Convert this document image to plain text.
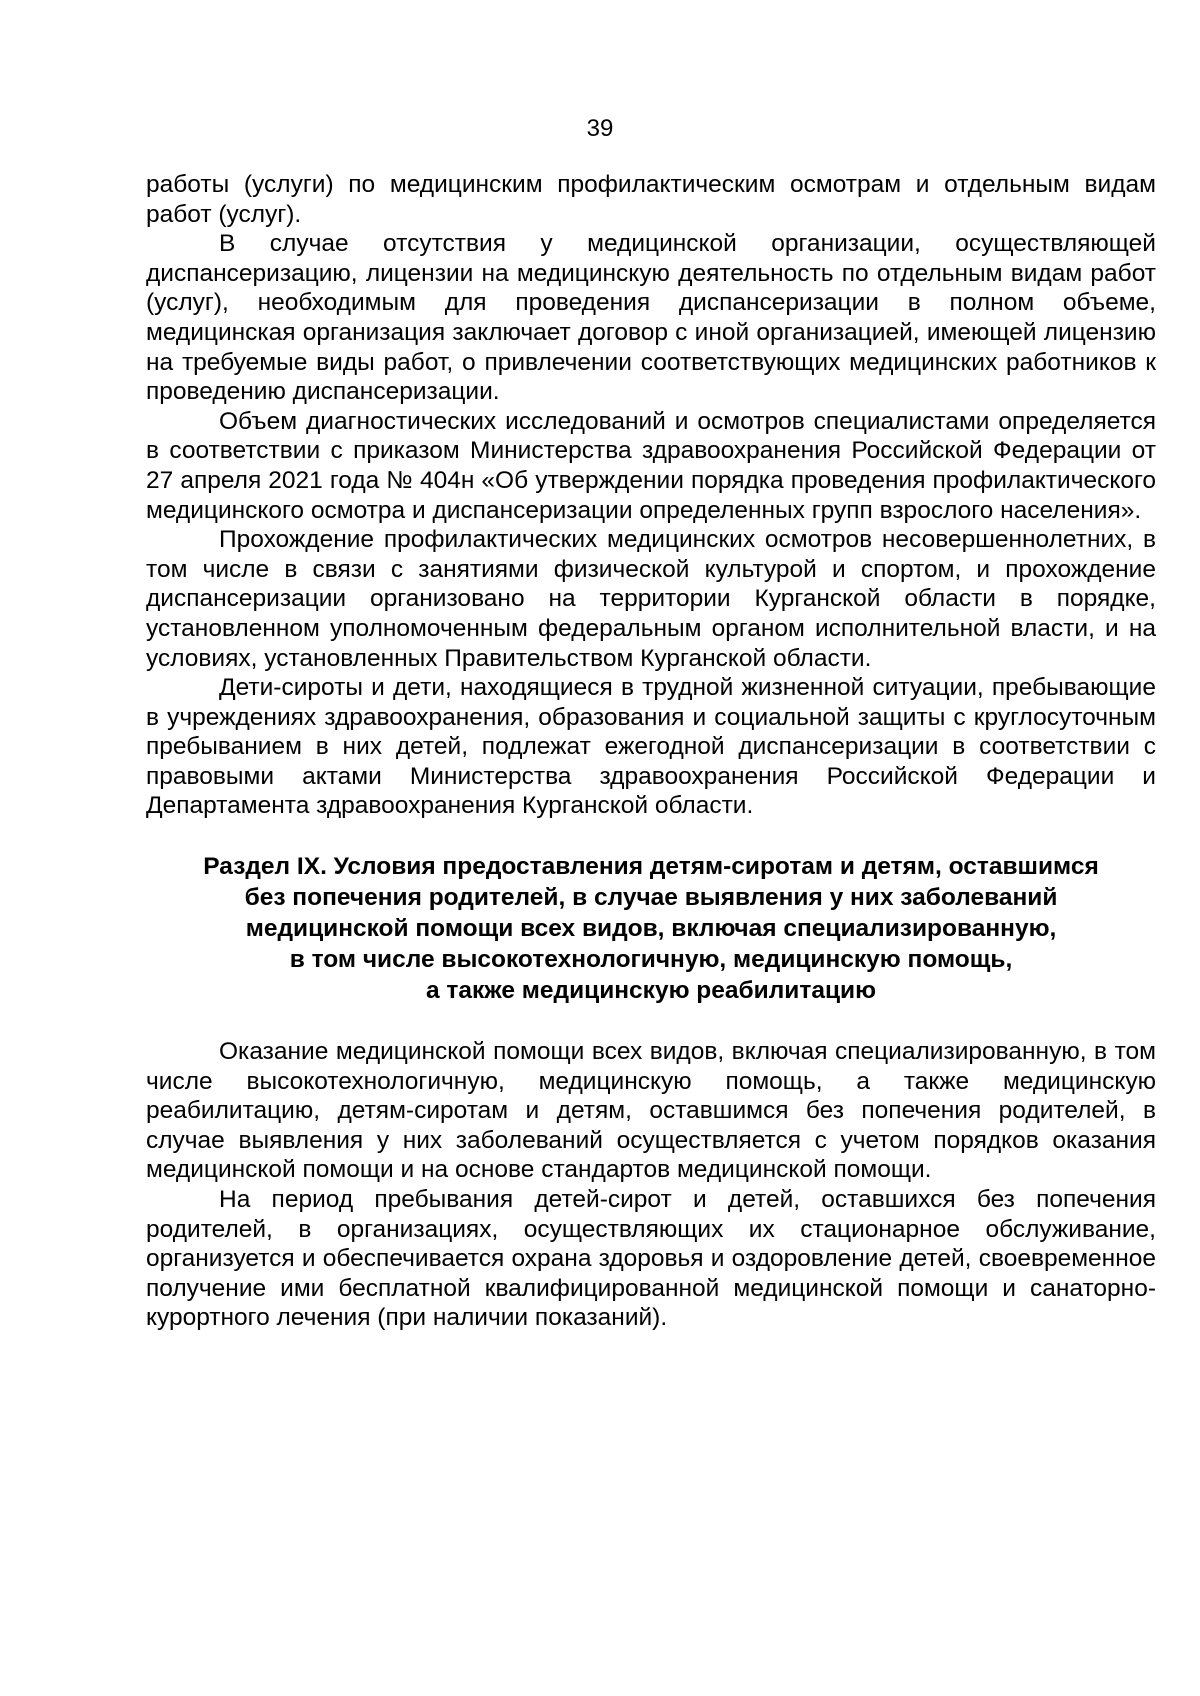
39

работы (услуги) по медицинским профилактическим осмотрам и отдельным видам работ (услуг).

В случае отсутствия у медицинской организации, осуществляющей диспансеризацию, лицензии на медицинскую деятельность по отдельным видам работ (услуг), необходимым для проведения диспансеризации в полном объеме, медицинская организация заключает договор с иной организацией, имеющей лицензию на требуемые виды работ, о привлечении соответствующих медицинских работников к проведению диспансеризации.

Объем диагностических исследований и осмотров специалистами определяется в соответствии с приказом Министерства здравоохранения Российской Федерации от 27 апреля 2021 года № 404н «Об утверждении порядка проведения профилактического медицинского осмотра и диспансеризации определенных групп взрослого населения».

Прохождение профилактических медицинских осмотров несовершеннолетних, в том числе в связи с занятиями физической культурой и спортом, и прохождение диспансеризации организовано на территории Курганской области в порядке, установленном уполномоченным федеральным органом исполнительной власти, и на условиях, установленных Правительством Курганской области.

Дети-сироты и дети, находящиеся в трудной жизненной ситуации, пребывающие в учреждениях здравоохранения, образования и социальной защиты с круглосуточным пребыванием в них детей, подлежат ежегодной диспансеризации в соответствии с правовыми актами Министерства здравоохранения Российской Федерации и Департамента здравоохранения Курганской области.

Раздел IX. Условия предоставления детям-сиротам и детям, оставшимся
без попечения родителей, в случае выявления у них заболеваний
медицинской помощи всех видов, включая специализированную,
в том числе высокотехнологичную, медицинскую помощь,
а также медицинскую реабилитацию

Оказание медицинской помощи всех видов, включая специализированную, в том числе высокотехнологичную, медицинскую помощь, а также медицинскую реабилитацию, детям-сиротам и детям, оставшимся без попечения родителей, в случае выявления у них заболеваний осуществляется с учетом порядков оказания медицинской помощи и на основе стандартов медицинской помощи.

На период пребывания детей-сирот и детей, оставшихся без попечения родителей, в организациях, осуществляющих их стационарное обслуживание, организуется и обеспечивается охрана здоровья и оздоровление детей, своевременное получение ими бесплатной квалифицированной медицинской помощи и санаторно-курортного лечения (при наличии показаний).
